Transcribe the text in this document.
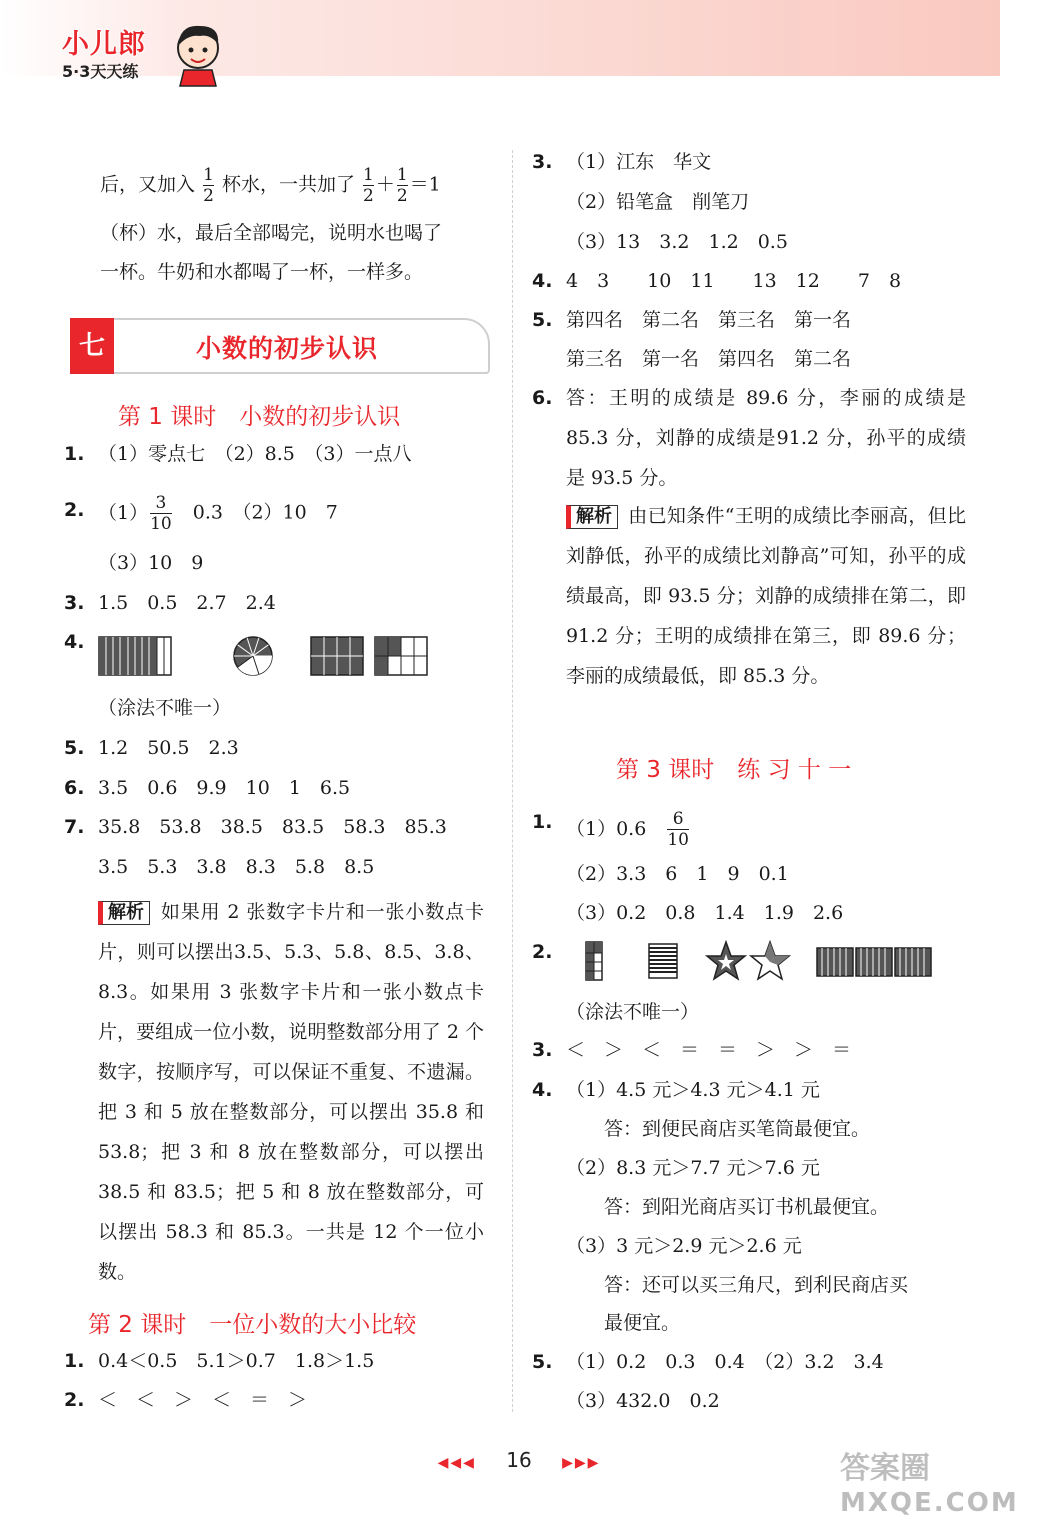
小儿郎
5·3天天练
后，又加入 $\frac{1}{2}$ 杯水，一共加了 $\frac{1}{2} + \frac{1}{2} =1$
（杯）水，最后全部喝完，说明水也喝了
一杯。牛奶和水都喝了一杯，一样多。
七	小数的初步认识
第 1 课时　小数的初步认识
1. （1）零点七　（2）8.5　（3）一点八
2. $(1) \frac{3}{10}$
　 0.3　（2）10　7
（3）10　9
3. 1.5　0.5　2.7　2.4
4.
（涂法不唯一）
5. 1.2　50.5　2.3
6. 3.5　0.6　9.9　10　1　6.5
7. 35.8　53.8　38.5　83.5　58.3　85.3
3.5　5.3　3.8　8.3　5.8　8.5
解析 如果用 2 张数字卡片和一张小数点卡片，则可以摆出3.5、5.3、5.8、8.5、3.8、8.3。如果用 3 张数字卡片和一张小数点卡片，要组成一位小数，说明整数部分用了 2 个数字，按顺序写，可以保证不重复、不遗漏。把 3 和 5 放在整数部分，可以摆出 35.8 和 53.8；把 3 和 8 放在整数部分，可以摆出 38.5 和 83.5；把 5 和 8 放在整数部分，可以摆出 58.3 和 85.3。一共是 12 个一位小数。
第 2 课时　一位小数的大小比较
1. 0.4＜0.5　5.1＞0.7　1.8＞1.5
2. ＜　＜　＞　＜　＝　＞
3. （1）江东　华文
（2）铅笔盒　削笔刀
（3）13　3.2　1.2　0.5
4. 4　3　　10　11　　13　12　　7　8
5. 第四名　第二名　第三名　第一名
第三名　第一名　第四名　第二名
6. 答：王明的成绩是 89.6 分，李丽的成绩是 85.3 分，刘静的成绩是91.2 分，孙平的成绩是 93.5 分。
解析 由已知条件“王明的成绩比李丽高，但比刘静低，孙平的成绩比刘静高”可知，孙平的成绩最高，即 93.5 分；刘静的成绩排在第二，即 91.2 分；王明的成绩排在第三，即 89.6 分；李丽的成绩最低，即 85.3 分。
第 3 课时　练 习 十 一
1. （1）0.6　 $\frac{6}{10}$
（2）3.3　6　1　9　0.1
（3）0.2　0.8　1.4　1.9　2.6
2.
（涂法不唯一）
3. ＜　＞　＜　＝　＝　＞　＞　＝
4. （1）4.5 元＞4.3 元＞4.1 元
答：到便民商店买笔筒最便宜。
（2）8.3 元＞7.7 元＞7.6 元
答：到阳光商店买订书机最便宜。
（3）3 元＞2.9 元＞2.6 元
答：还可以买三角尺，到利民商店买
最便宜。
5. （1）0.2　0.3　0.4　（2）3.2　3.4
（3）432.0　0.2
◀◀◀ 16 ▶▶▶	答案圈
MXQE.COM
